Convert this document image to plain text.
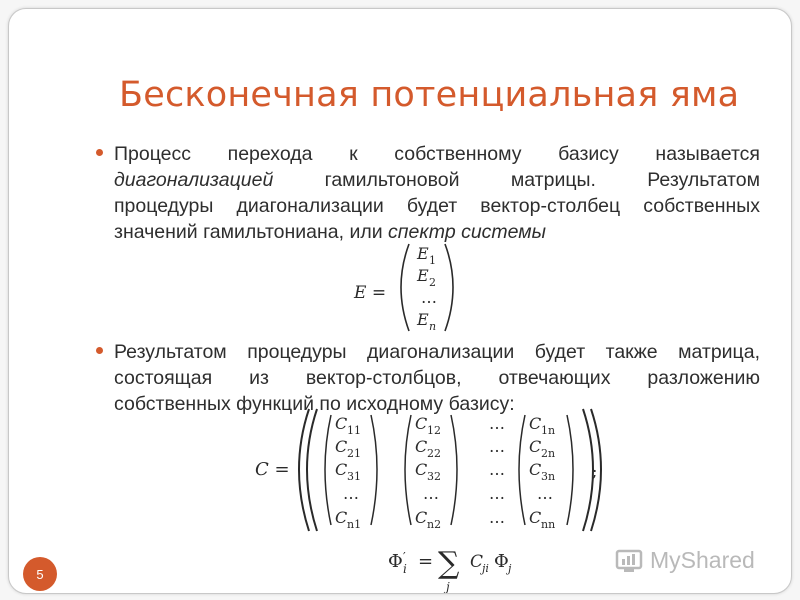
Бесконечная потенциальная яма
Процесс перехода к собственному базису называется
диагонализацией гамильтоновой матрицы. Результатом
процедуры диагонализации будет вектор-столбец собственных
значений гамильтониана, или спектр системы
E =
E 1
E 2
…
E n
Результатом процедуры диагонализации будет также матрица,
состоящая из вектор-столбцов, отвечающих разложению
собственных функций по исходному базису:
C =
C 11
C 21
C 31
…
C n1
C 12
C 22
C 32
…
C n2
…
…
…
…
…
C 1n
C 2n
C 3n
…
C nn
;
Φ ′
i = ∑
j
C
ji Φ j
5
MyShared
